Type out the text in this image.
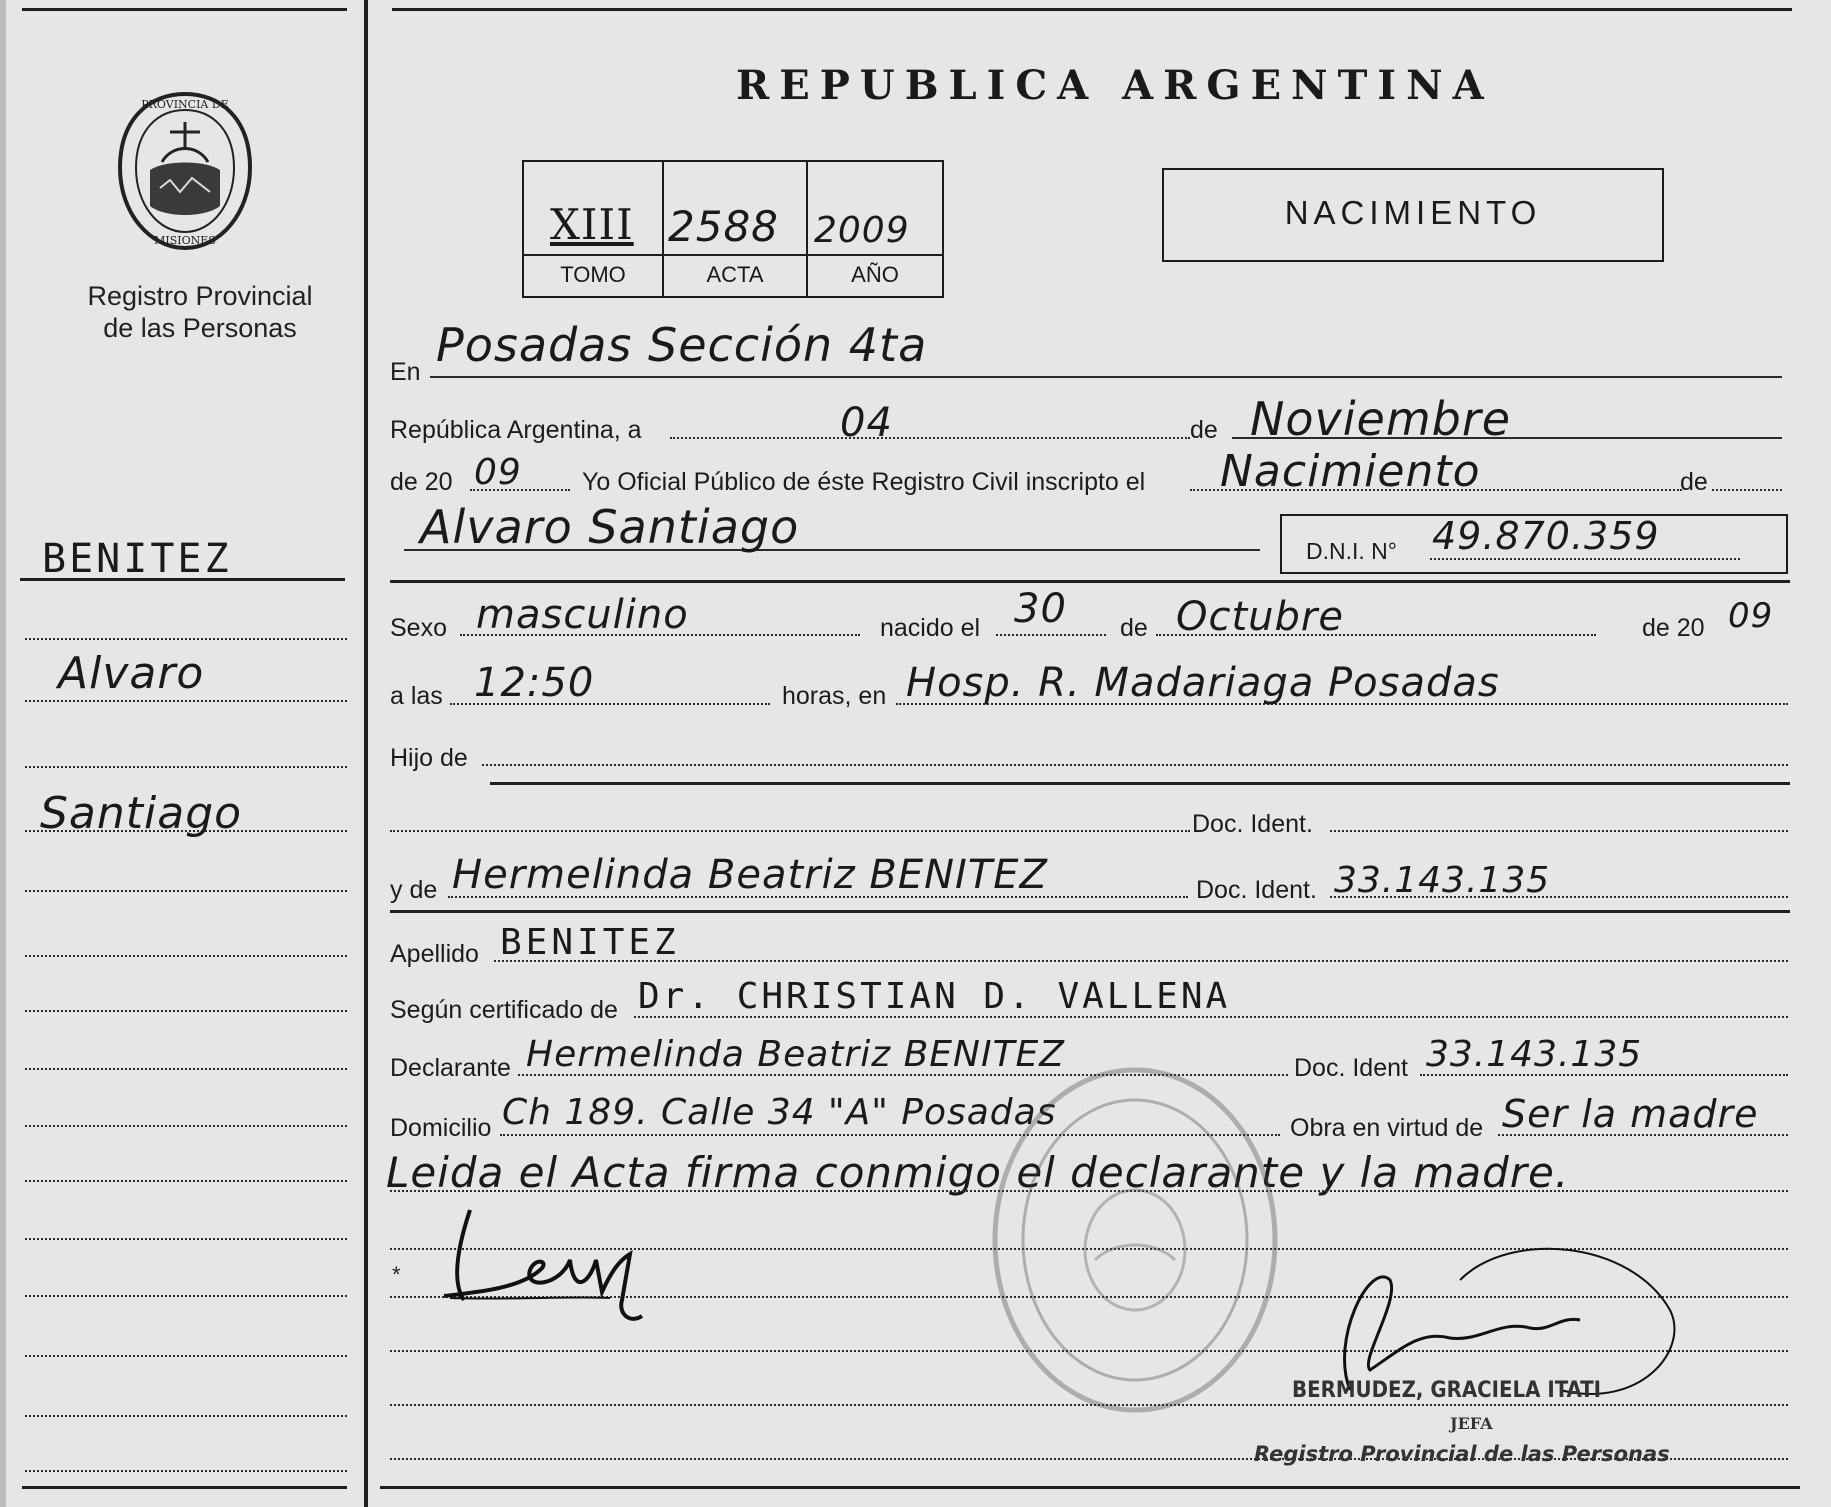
PROVINCIA DE
MISIONES
Registro Provincial
de las Personas
BENITEZ
Alvaro
Santiago
REPUBLICA ARGENTINA
XIII 2588 2009
TOMO	ACTA	AÑO
NACIMIENTO
En Posadas Sección 4ta
República Argentina, a	04	de Noviembre
de 20 09 Yo Oficial Público de éste Registro Civil inscripto el Nacimiento	de
Alvaro Santiago	D.N.I. N° 49.870.359
Sexo masculino	nacido el 30 de Octubre	de 20 09
a las 12:50	horas, en Hosp. R. Madariaga Posadas
Hijo de
Doc. Ident.
y de Hermelinda Beatriz BENITEZ	Doc. Ident. 33.143.135
Apellido BENITEZ
Según certificado de Dr. CHRISTIAN D. VALLENA
Declarante Hermelinda Beatriz BENITEZ	Doc. Ident 33.143.135
Domicilio Ch 189. Calle 34 "A" Posadas	Obra en virtud de Ser la madre
Leida el Acta firma conmigo el declarante y la madre.
*
BERMUDEZ, GRACIELA ITATI
JEFA
Registro Provincial de las Personas
